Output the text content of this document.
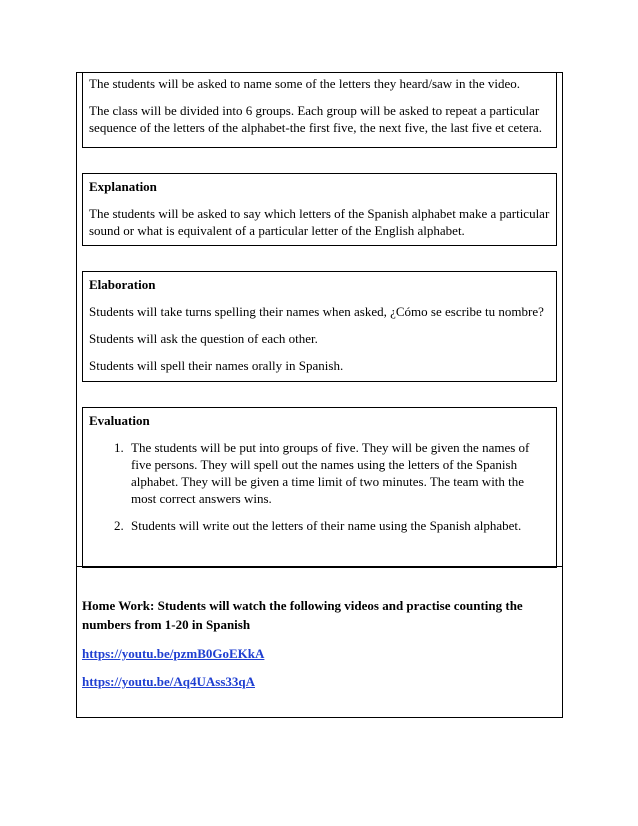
The students will be asked to name some of the letters they heard/saw in the video.

The class will be divided into 6 groups. Each group will be asked to repeat a particular sequence of the letters of the alphabet-the first five, the next five, the last five et cetera.

Explanation

The students will be asked to say which letters of the Spanish alphabet make a particular sound or what is equivalent of a particular letter of the English alphabet.

Elaboration

Students will take turns spelling their names when asked, ¿Cómo se escribe tu nombre?

Students will ask the question of each other.

Students will spell their names orally in Spanish.

Evaluation

1. The students will be put into groups of five. They will be given the names of five persons. They will spell out the names using the letters of the Spanish alphabet. They will be given a time limit of two minutes. The team with the most correct answers wins.
2. Students will write out the letters of their name using the Spanish alphabet.

Home Work: Students will watch the following videos and practise counting the numbers from 1-20 in Spanish

https://youtu.be/pzmB0GoEKkA
https://youtu.be/Aq4UAss33qA
